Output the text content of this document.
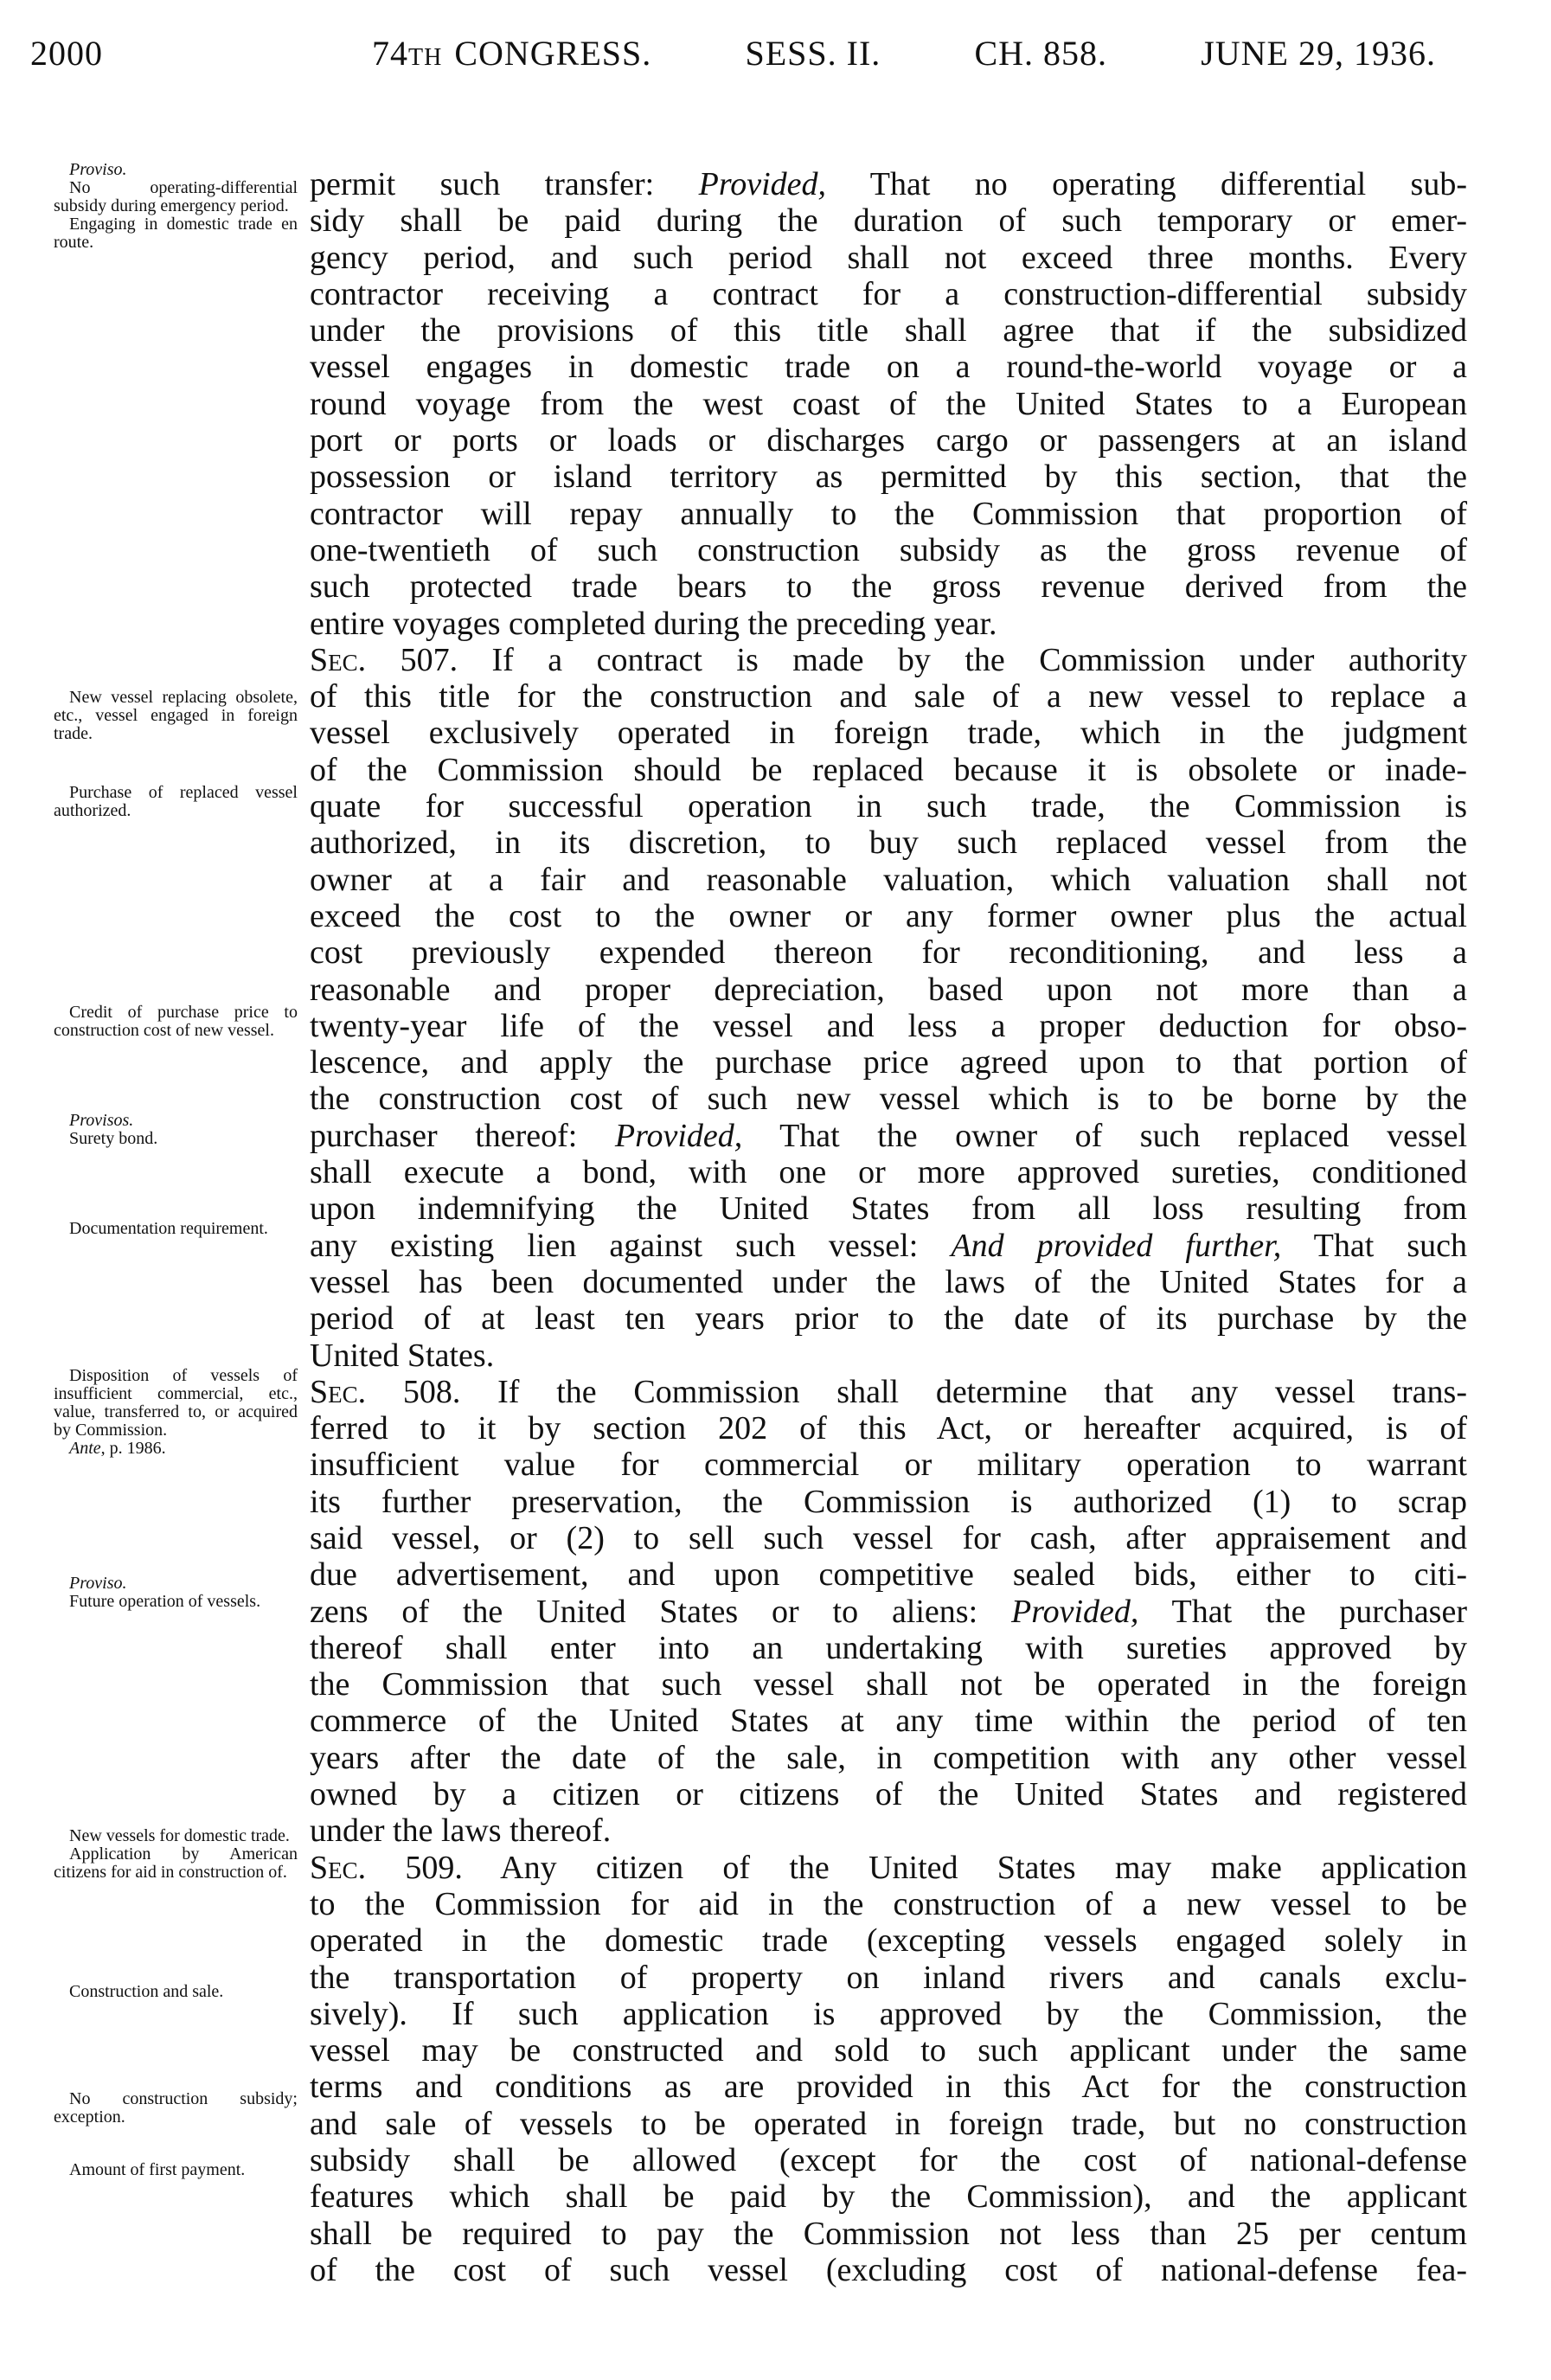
2000	74TH CONGRESS.	SESS. II.	CH. 858.	JUNE 29, 1936.
Proviso.
No operating-differential subsidy during emergency period.
Engaging in domestic trade en route.
New vessel replacing obsolete, etc., vessel engaged in foreign trade.
Purchase of replaced vessel authorized.
Credit of purchase price to construction cost of new vessel.
Provisos.
Surety bond.
Documentation requirement.
Disposition of vessels of insufficient commercial, etc., value, transferred to, or acquired by Commission.
Ante, p. 1986.
Proviso.
Future operation of vessels.
New vessels for domestic trade.
Application by American citizens for aid in construction of.
Construction and sale.
No construction subsidy; exception.
Amount of first payment.
permit such transfer: Provided, That no operating differential sub-
sidy shall be paid during the duration of such temporary or emer-
gency period, and such period shall not exceed three months. Every
contractor receiving a contract for a construction-differential subsidy
under the provisions of this title shall agree that if the subsidized
vessel engages in domestic trade on a round-the-world voyage or a
round voyage from the west coast of the United States to a European
port or ports or loads or discharges cargo or passengers at an island
possession or island territory as permitted by this section, that the
contractor will repay annually to the Commission that proportion of
one-twentieth of such construction subsidy as the gross revenue of
such protected trade bears to the gross revenue derived from the
entire voyages completed during the preceding year.
Sec. 507. If a contract is made by the Commission under authority
of this title for the construction and sale of a new vessel to replace a
vessel exclusively operated in foreign trade, which in the judgment
of the Commission should be replaced because it is obsolete or inade-
quate for successful operation in such trade, the Commission is
authorized, in its discretion, to buy such replaced vessel from the
owner at a fair and reasonable valuation, which valuation shall not
exceed the cost to the owner or any former owner plus the actual
cost previously expended thereon for reconditioning, and less a
reasonable and proper depreciation, based upon not more than a
twenty-year life of the vessel and less a proper deduction for obso-
lescence, and apply the purchase price agreed upon to that portion of
the construction cost of such new vessel which is to be borne by the
purchaser thereof: Provided, That the owner of such replaced vessel
shall execute a bond, with one or more approved sureties, conditioned
upon indemnifying the United States from all loss resulting from
any existing lien against such vessel: And provided further, That such
vessel has been documented under the laws of the United States for a
period of at least ten years prior to the date of its purchase by the
United States.
Sec. 508. If the Commission shall determine that any vessel trans-
ferred to it by section 202 of this Act, or hereafter acquired, is of
insufficient value for commercial or military operation to warrant
its further preservation, the Commission is authorized (1) to scrap
said vessel, or (2) to sell such vessel for cash, after appraisement and
due advertisement, and upon competitive sealed bids, either to citi-
zens of the United States or to aliens: Provided, That the purchaser
thereof shall enter into an undertaking with sureties approved by
the Commission that such vessel shall not be operated in the foreign
commerce of the United States at any time within the period of ten
years after the date of the sale, in competition with any other vessel
owned by a citizen or citizens of the United States and registered
under the laws thereof.
Sec. 509. Any citizen of the United States may make application
to the Commission for aid in the construction of a new vessel to be
operated in the domestic trade (excepting vessels engaged solely in
the transportation of property on inland rivers and canals exclu-
sively). If such application is approved by the Commission, the
vessel may be constructed and sold to such applicant under the same
terms and conditions as are provided in this Act for the construction
and sale of vessels to be operated in foreign trade, but no construction
subsidy shall be allowed (except for the cost of national-defense
features which shall be paid by the Commission), and the applicant
shall be required to pay the Commission not less than 25 per centum
of the cost of such vessel (excluding cost of national-defense fea-
